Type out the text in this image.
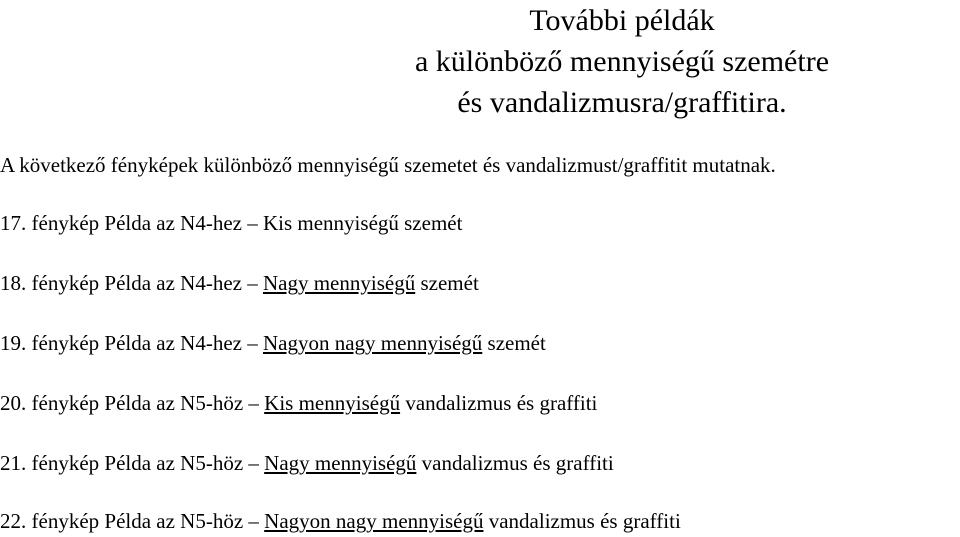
További példák
a különböző mennyiségű szemétre
és vandalizmusra/graffitira.
A következő fényképek különböző mennyiségű szemetet és vandalizmust/graffitit mutatnak.
17. fénykép Példa az N4-hez – Kis mennyiségű szemét
18. fénykép Példa az N4-hez – Nagy mennyiségű szemét
19. fénykép Példa az N4-hez – Nagyon nagy mennyiségű szemét
20. fénykép Példa az N5-höz – Kis mennyiségű vandalizmus és graffiti
21. fénykép Példa az N5-höz – Nagy mennyiségű vandalizmus és graffiti
22. fénykép Példa az N5-höz – Nagyon nagy mennyiségű vandalizmus és graffiti
